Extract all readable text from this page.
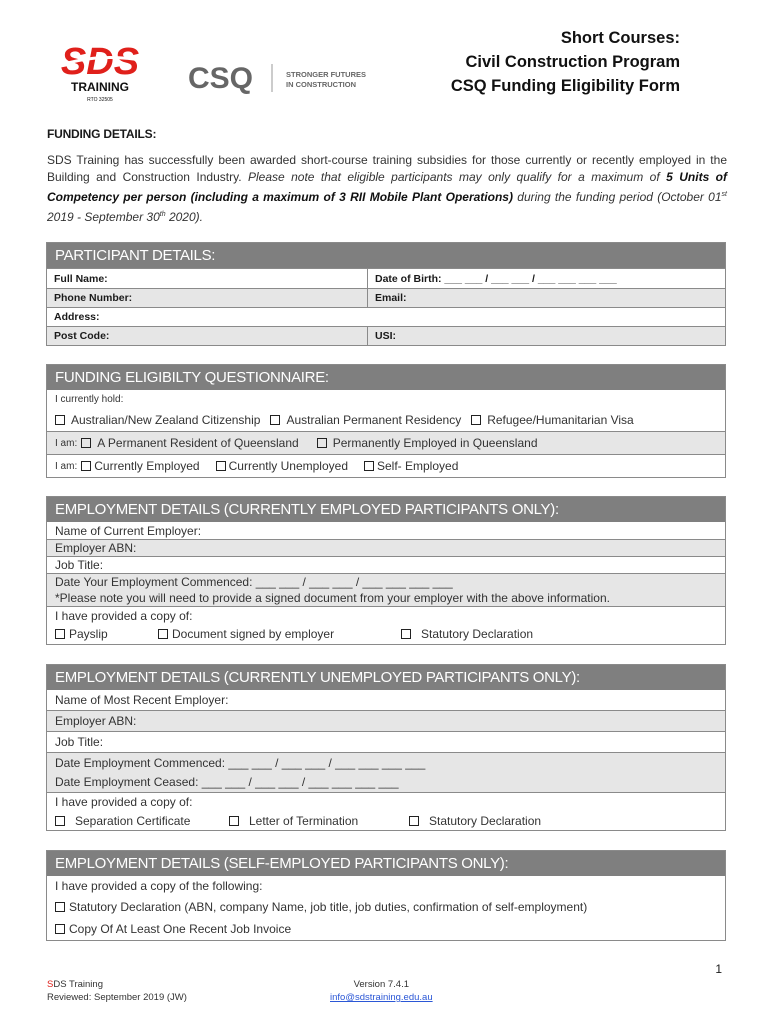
SDS
TRAINING
RTO 32505
CSQ	STRONGER FUTURES
IN CONSTRUCTION
Short Courses:
Civil Construction Program
CSQ Funding Eligibility Form
FUNDING DETAILS:
SDS Training has successfully been awarded short-course training subsidies for those currently or recently employed in the Building and Construction Industry. Please note that eligible participants may only qualify for a maximum of 5 Units of Competency per person (including a maximum of 3 RII Mobile Plant Operations) during the funding period (October 01st 2019 - September 30th 2020).
PARTICIPANT DETAILS:
Full Name:	Date of Birth: ___ ___ / ___ ___ / ___ ___ ___ ___
Phone Number:	Email:
Address:
Post Code:	USI:
FUNDING ELIGIBILTY QUESTIONNAIRE:
I currently hold:
Australian/New Zealand Citizenship Australian Permanent Residency Refugee/Humanitarian Visa
I am: A Permanent Resident of Queensland	Permanently Employed in Queensland
I am: Currently Employed Currently Unemployed Self- Employed
EMPLOYMENT DETAILS (CURRENTLY EMPLOYED PARTICIPANTS ONLY):
Name of Current Employer:
Employer ABN:
Job Title:
Date Your Employment Commenced: ___ ___ / ___ ___ / ___ ___ ___ ___
*Please note you will need to provide a signed document from your employer with the above information.
I have provided a copy of:
Payslip	Document signed by employer	Statutory Declaration
EMPLOYMENT DETAILS (CURRENTLY UNEMPLOYED PARTICIPANTS ONLY):
Name of Most Recent Employer:
Employer ABN:
Job Title:
Date Employment Commenced: ___ ___ / ___ ___ / ___ ___ ___ ___
Date Employment Ceased: ___ ___ / ___ ___ / ___ ___ ___ ___
I have provided a copy of:
Separation Certificate	Letter of Termination	Statutory Declaration
EMPLOYMENT DETAILS (SELF-EMPLOYED PARTICIPANTS ONLY):
I have provided a copy of the following:
Statutory Declaration (ABN, company Name, job title, job duties, confirmation of self-employment)
Copy Of At Least One Recent Job Invoice
1
SDS Training
Reviewed: September 2019 (JW)
Version 7.4.1
info@sdstraining.edu.au
